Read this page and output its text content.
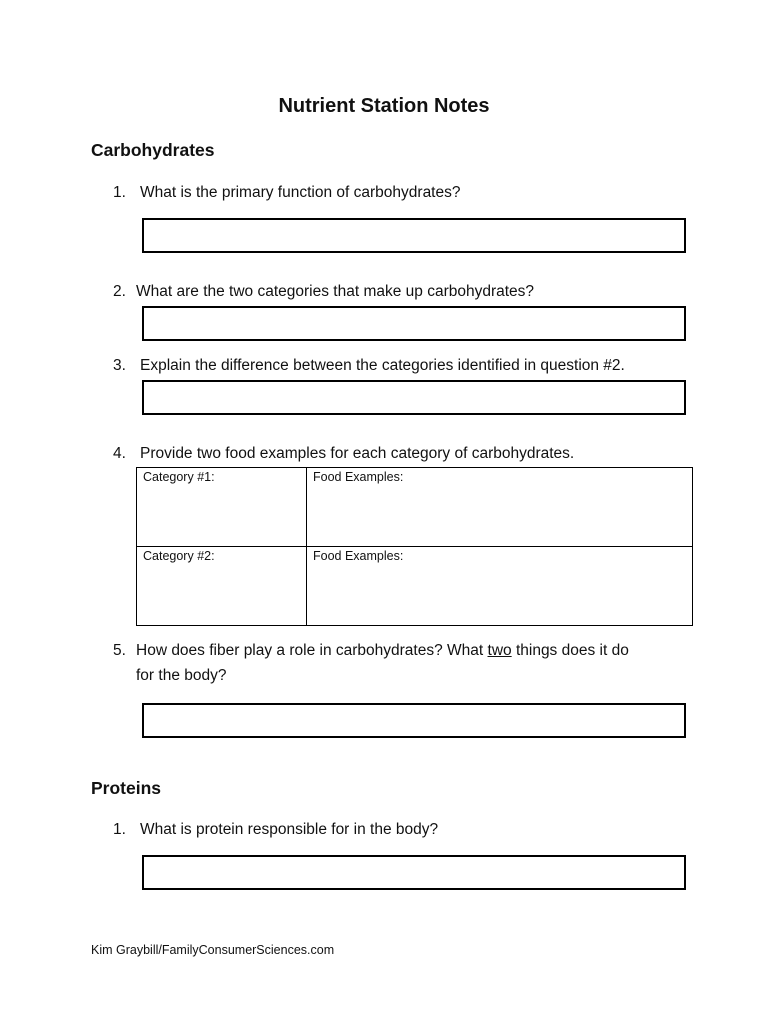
Nutrient Station Notes
Carbohydrates
1. What is the primary function of carbohydrates?
2. What are the two categories that make up carbohydrates?
3. Explain the difference between the categories identified in question #2.
4. Provide two food examples for each category of carbohydrates.
Category #1:	Food Examples:
Category #2:	Food Examples:
5. How does fiber play a role in carbohydrates? What two things does it do
for the body?
Proteins
1. What is protein responsible for in the body?
Kim Graybill/FamilyConsumerSciences.com
